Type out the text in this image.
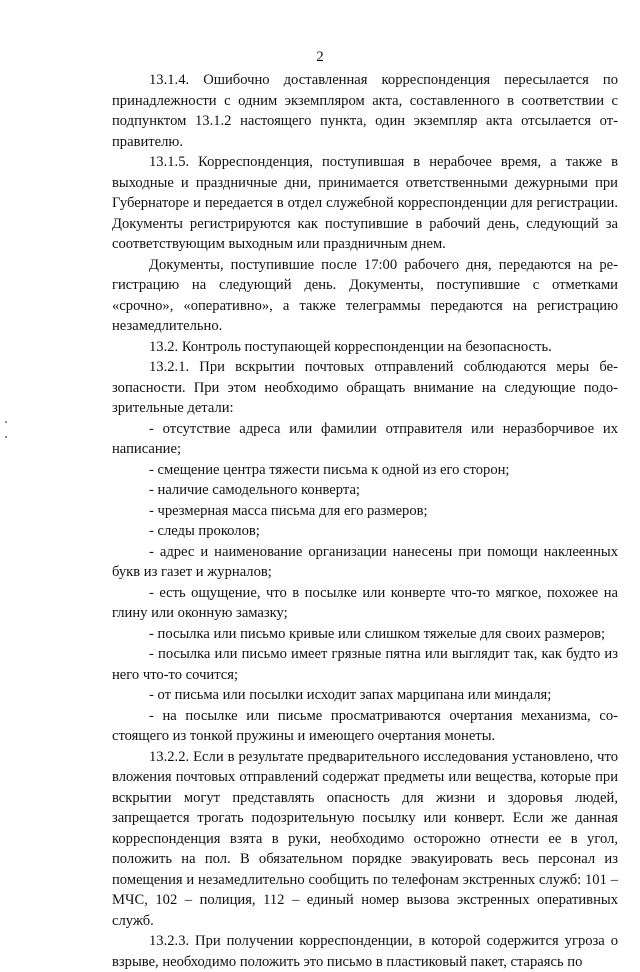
2

13.1.4. Ошибочно доставленная корреспонденция пересылается по принадлежности с одним экземпляром акта, составленного в соответствии с подпунктом 13.1.2 настоящего пункта, один экземпляр акта отсылается отправителю.

13.1.5. Корреспонденция, поступившая в нерабочее время, а также в выходные и праздничные дни, принимается ответственными дежурными при Губернаторе и передается в отдел служебной корреспонденции для регистрации. Документы регистрируются как поступившие в рабочий день, следующий за соответствующим выходным или праздничным днем.

Документы, поступившие после 17:00 рабочего дня, передаются на регистрацию на следующий день. Документы, поступившие с отметками «срочно», «оперативно», а также телеграммы передаются на регистрацию незамедлительно.

13.2. Контроль поступающей корреспонденции на безопасность.

13.2.1. При вскрытии почтовых отправлений соблюдаются меры безопасности. При этом необходимо обращать внимание на следующие подозрительные детали:

- отсутствие адреса или фамилии отправителя или неразборчивое их написание;

- смещение центра тяжести письма к одной из его сторон;

- наличие самодельного конверта;

- чрезмерная масса письма для его размеров;

- следы проколов;

- адрес и наименование организации нанесены при помощи наклеенных букв из газет и журналов;

- есть ощущение, что в посылке или конверте что-то мягкое, похожее на глину или оконную замазку;

- посылка или письмо кривые или слишком тяжелые для своих размеров;

- посылка или письмо имеет грязные пятна или выглядит так, как будто из него что-то сочится;

- от письма или посылки исходит запах марципана или миндаля;

- на посылке или письме просматриваются очертания механизма, состоящего из тонкой пружины и имеющего очертания монеты.

13.2.2. Если в результате предварительного исследования установлено, что вложения почтовых отправлений содержат предметы или вещества, которые при вскрытии могут представлять опасность для жизни и здоровья людей, запрещается трогать подозрительную посылку или конверт. Если же данная корреспонденция взята в руки, необходимо осторожно отнести ее в угол, положить на пол. В обязательном порядке эвакуировать весь персонал из помещения и незамедлительно сообщить по телефонам экстренных служб: 101 – МЧС, 102 – полиция, 112 – единый номер вызова экстренных оперативных служб.

13.2.3. При получении корреспонденции, в которой содержится угроза о взрыве, необходимо положить это письмо в пластиковый пакет, стараясь по
